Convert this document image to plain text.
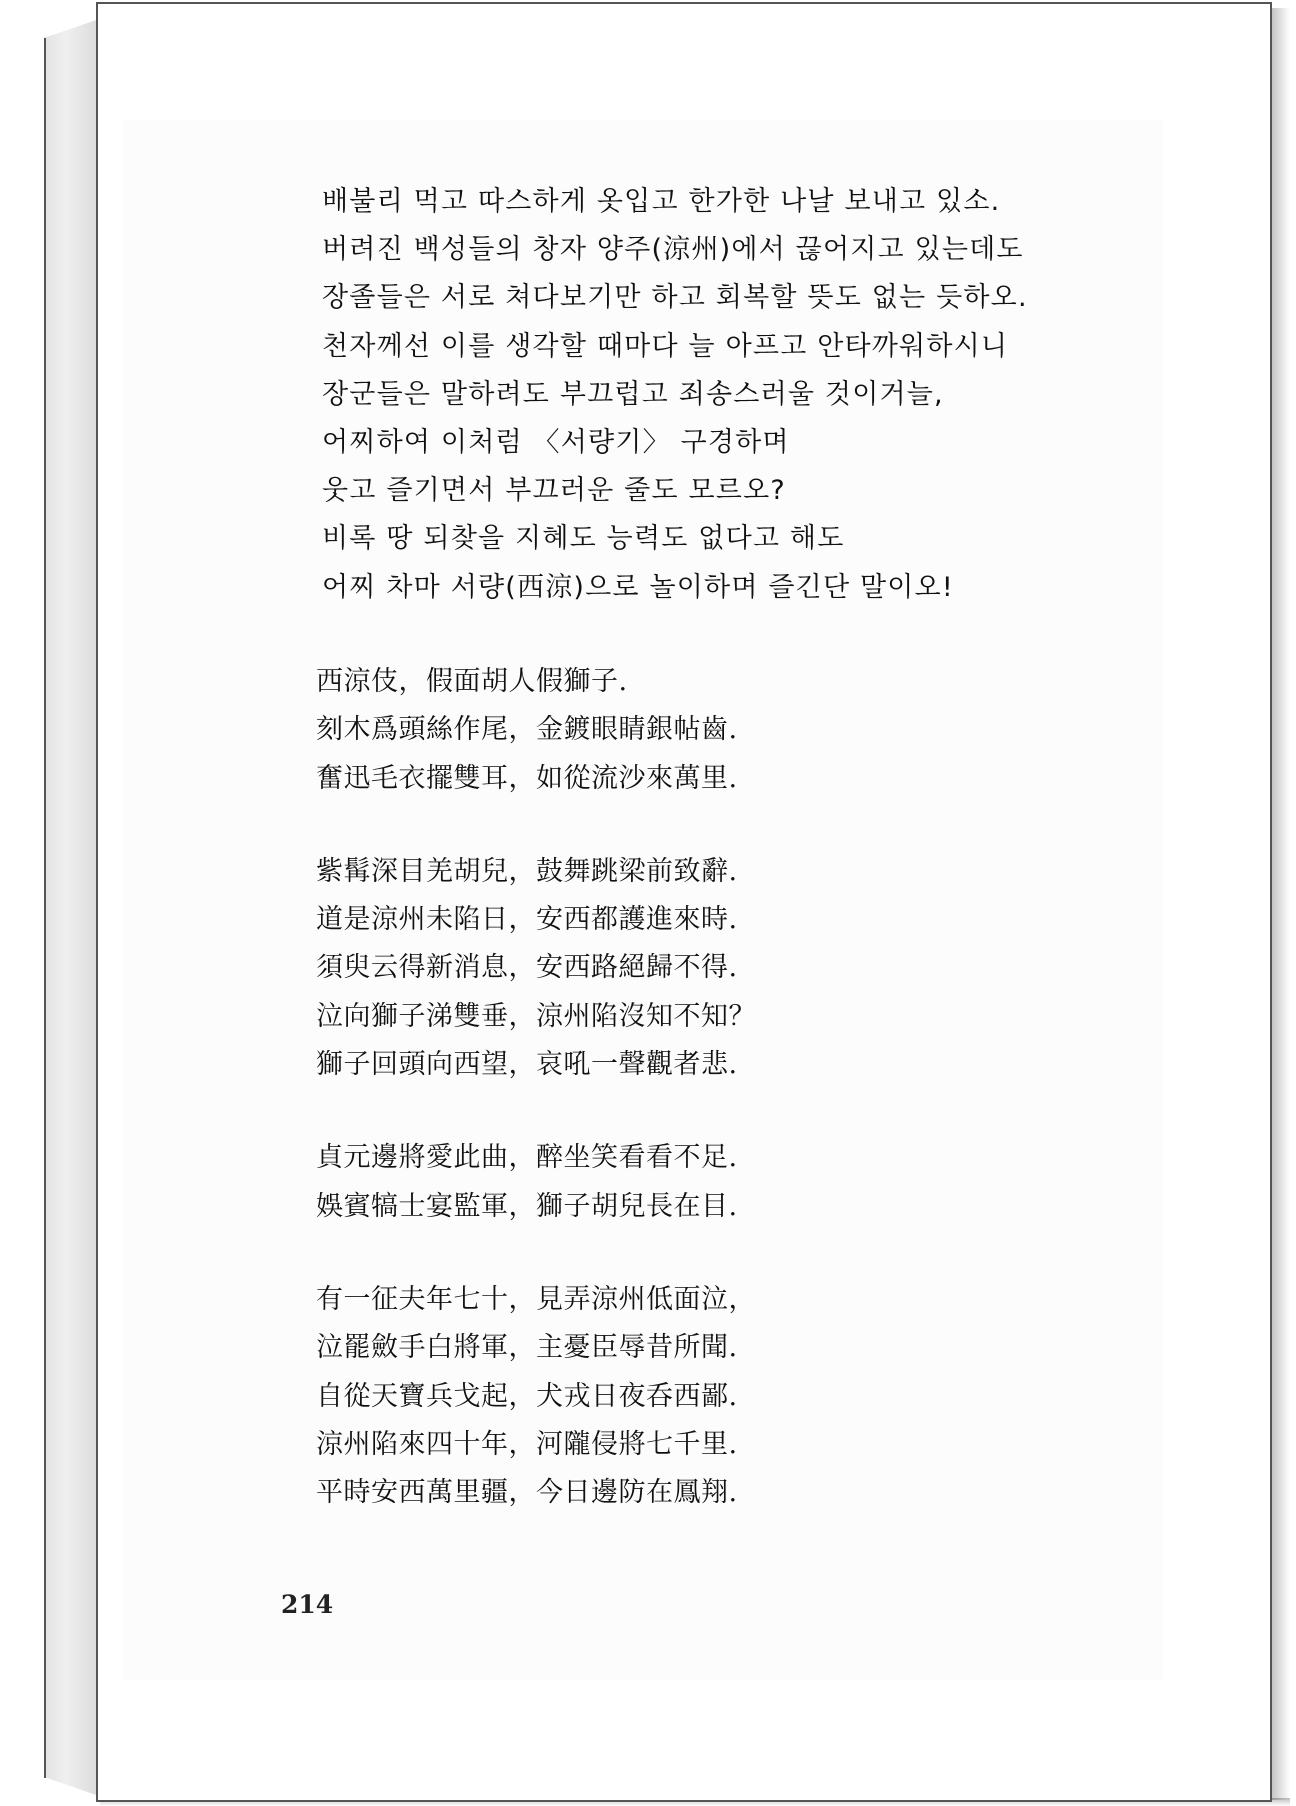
배불리 먹고 따스하게 옷입고 한가한 나날 보내고 있소.
버려진 백성들의 창자 양주(涼州)에서 끊어지고 있는데도
장졸들은 서로 쳐다보기만 하고 회복할 뜻도 없는 듯하오.
천자께선 이를 생각할 때마다 늘 아프고 안타까워하시니
장군들은 말하려도 부끄럽고 죄송스러울 것이거늘,
어찌하여 이처럼 〈서량기〉 구경하며
웃고 즐기면서 부끄러운 줄도 모르오?
비록 땅 되찾을 지혜도 능력도 없다고 해도
어찌 차마 서량(西涼)으로 놀이하며 즐긴단 말이오!
西涼伎，假面胡人假獅子.
刻木爲頭絲作尾，金鍍眼睛銀帖齒.
奮迅毛衣擺雙耳，如從流沙來萬里.
紫髯深目羌胡兒，鼓舞跳梁前致辭.
道是涼州未陷日，安西都護進來時.
須臾云得新消息，安西路絕歸不得.
泣向獅子涕雙垂，涼州陷沒知不知？
獅子回頭向西望，哀吼一聲觀者悲.
貞元邊將愛此曲，醉坐笑看看不足.
娛賓犒士宴監軍，獅子胡兒長在目.
有一征夫年七十，見弄涼州低面泣，
泣罷斂手白將軍，主憂臣辱昔所聞.
自從天寶兵戈起，犬戎日夜呑西鄙.
涼州陷來四十年，河隴侵將七千里.
平時安西萬里疆，今日邊防在鳳翔.
214
